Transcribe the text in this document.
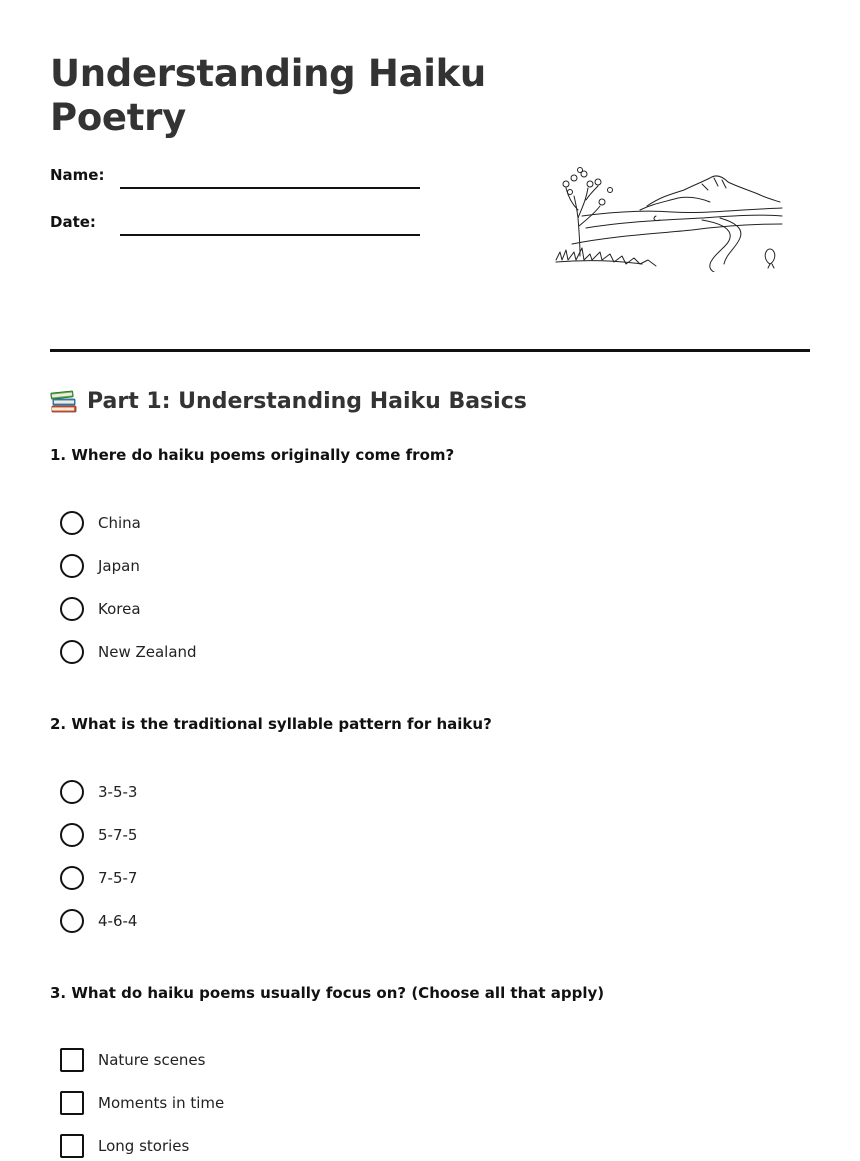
Understanding Haiku Poetry
Name:
Date:
Part 1: Understanding Haiku Basics
1. Where do haiku poems originally come from?
China
Japan
Korea
New Zealand
2. What is the traditional syllable pattern for haiku?
3-5-3
5-7-5
7-5-7
4-6-4
3. What do haiku poems usually focus on? (Choose all that apply)
Nature scenes
Moments in time
Long stories
